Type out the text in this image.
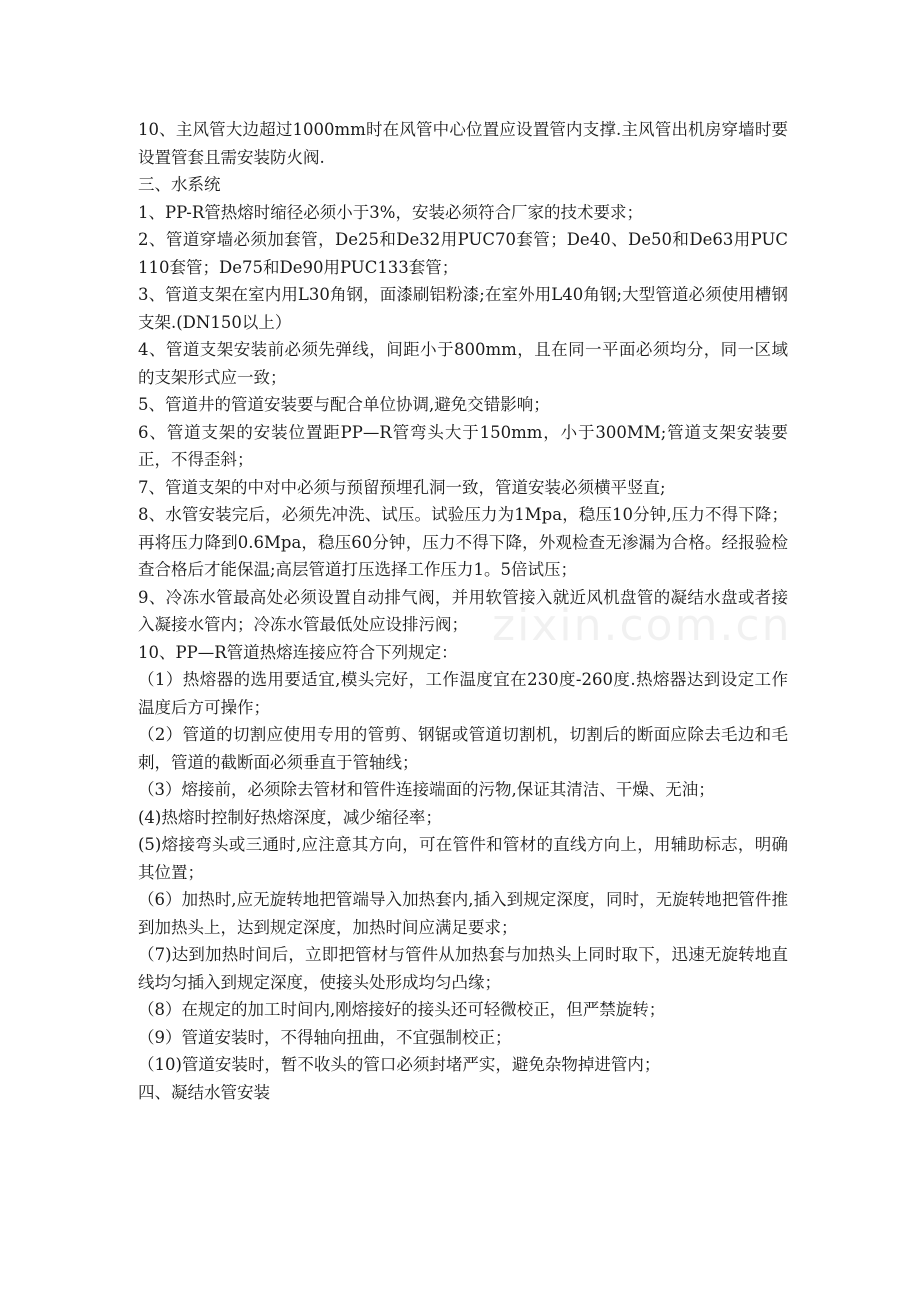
zixin.com.cn

10、主风管大边超过1000mm时在风管中心位置应设置管内支撑.主风管出机房穿墙时要设置管套且需安装防火阀.

三、水系统

1、PP-R管热熔时缩径必须小于3%，安装必须符合厂家的技术要求；

2、管道穿墙必须加套管，De25和De32用PUC70套管；De40、De50和De63用PUC110套管；De75和De90用PUC133套管；

3、管道支架在室内用L30角钢，面漆刷铝粉漆;在室外用L40角钢;大型管道必须使用槽钢支架.(DN150以上）

4、管道支架安装前必须先弹线，间距小于800mm，且在同一平面必须均分，同一区域的支架形式应一致；

5、管道井的管道安装要与配合单位协调,避免交错影响；

6、管道支架的安装位置距PP—R管弯头大于150mm，小于300MM;管道支架安装要正，不得歪斜；

7、管道支架的中对中必须与预留预埋孔洞一致，管道安装必须横平竖直;

8、水管安装完后，必须先冲洗、试压。试验压力为1Mpa，稳压10分钟,压力不得下降；再将压力降到0.6Mpa，稳压60分钟，压力不得下降，外观检查无渗漏为合格。经报验检查合格后才能保温;高层管道打压选择工作压力1。5倍试压；

9、冷冻水管最高处必须设置自动排气阀，并用软管接入就近风机盘管的凝结水盘或者接入凝接水管内；冷冻水管最低处应设排污阀；

10、PP—R管道热熔连接应符合下列规定：

（1）热熔器的选用要适宜,模头完好，工作温度宜在230度-260度.热熔器达到设定工作温度后方可操作；

（2）管道的切割应使用专用的管剪、钢锯或管道切割机，切割后的断面应除去毛边和毛刺，管道的截断面必须垂直于管轴线；

（3）熔接前，必须除去管材和管件连接端面的污物,保证其清洁、干燥、无油；

(4)热熔时控制好热熔深度，减少缩径率；

(5)熔接弯头或三通时,应注意其方向，可在管件和管材的直线方向上，用辅助标志，明确其位置；

（6）加热时,应无旋转地把管端导入加热套内,插入到规定深度，同时，无旋转地把管件推到加热头上，达到规定深度，加热时间应满足要求；

（7)达到加热时间后，立即把管材与管件从加热套与加热头上同时取下，迅速无旋转地直线均匀插入到规定深度，使接头处形成均匀凸缘；

（8）在规定的加工时间内,刚熔接好的接头还可轻微校正，但严禁旋转；

（9）管道安装时，不得轴向扭曲，不宜强制校正；

（10)管道安装时，暂不收头的管口必须封堵严实，避免杂物掉进管内；

四、凝结水管安装
